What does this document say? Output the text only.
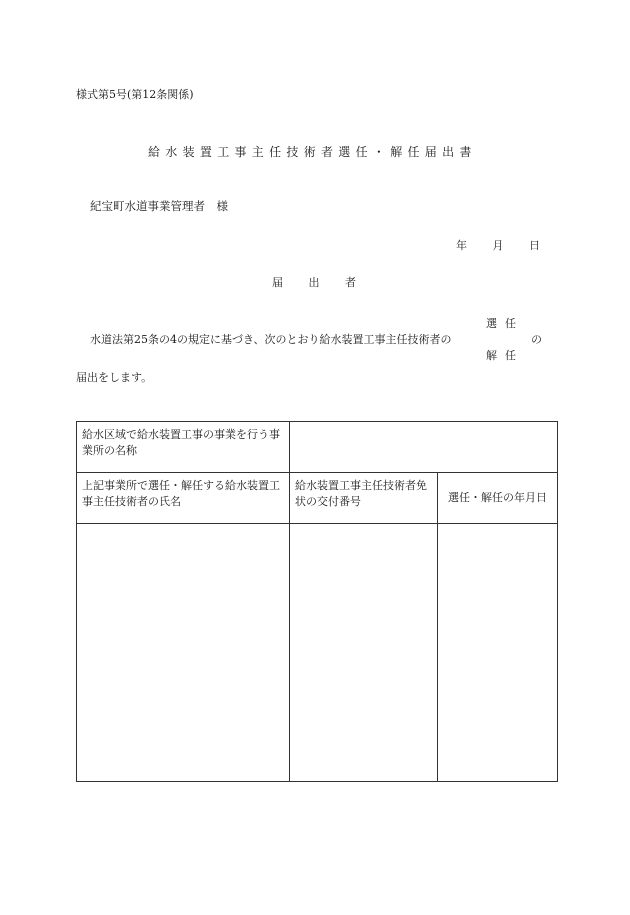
様式第5号(第12条関係)
給水装置工事主任技術者選任・解任届出書
紀宝町水道事業管理者　様
年 月 日
届 出 者
選任
水道法第25条の4の規定に基づき、次のとおり給水装置工事主任技術者の	の
解任
届出をします。
給水区域で給水装置工事の事業を行う事業所の名称		
上記事業所で選任・解任する給水装置工事主任技術者の氏名	給水装置工事主任技術者免状の交付番号	選任・解任の年月日
